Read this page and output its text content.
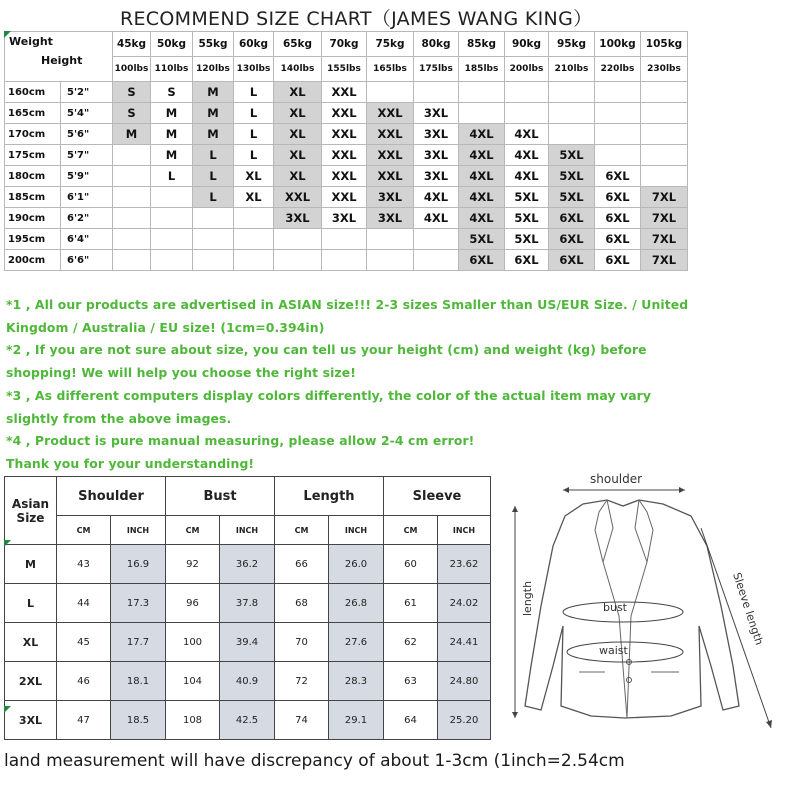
RECOMMEND SIZE CHART（JAMES WANG KING）
Weight
Height		45kg	50kg	55kg	60kg	65kg	70kg	75kg	80kg	85kg	90kg	95kg	100kg	105kg
		100lbs	110lbs	120lbs	130lbs	140lbs	155lbs	165lbs	175lbs	185lbs	200lbs	210lbs	220lbs	230lbs
160cm	5'2"	S	S	M	L	XL	XXL							
165cm	5'4"	S	M	M	L	XL	XXL	XXL	3XL					
170cm	5'6"	M	M	M	L	XL	XXL	XXL	3XL	4XL	4XL			
175cm	5'7"		M	L	L	XL	XXL	XXL	3XL	4XL	4XL	5XL		
180cm	5'9"		L	L	XL	XL	XXL	XXL	3XL	4XL	4XL	5XL	6XL	
185cm	6'1"			L	XL	XXL	XXL	3XL	4XL	4XL	5XL	5XL	6XL	7XL
190cm	6'2"					3XL	3XL	3XL	4XL	4XL	5XL	6XL	6XL	7XL
195cm	6'4"									5XL	5XL	6XL	6XL	7XL
200cm	6'6"									6XL	6XL	6XL	6XL	7XL
*1 , All our products are advertised in ASIAN size!!! 2-3 sizes Smaller than US/EUR Size. / United
Kingdom / Australia / EU size! (1cm=0.394in)
*2 , If you are not sure about size, you can tell us your height (cm) and weight (kg) before
shopping! We will help you choose the right size!
*3 , As different computers display colors differently, the color of the actual item may vary
slightly from the above images.
*4 , Product is pure manual measuring, please allow 2-4 cm error!
Thank you for your understanding!
Asian
Size	Shoulder		Bust		Length		Sleeve	
	CM	INCH	CM	INCH	CM	INCH	CM	INCH
M	43	16.9	92	36.2	66	26.0	60	23.62
L	44	17.3	96	37.8	68	26.8	61	24.02
XL	45	17.7	100	39.4	70	27.6	62	24.41
2XL	46	18.1	104	40.9	72	28.3	63	24.80
3XL	47	18.5	108	42.5	74	29.1	64	25.20
shoulder
bust
waist
length	Sleeve length
land measurement will have discrepancy of about 1-3cm (1inch=2.54cm
